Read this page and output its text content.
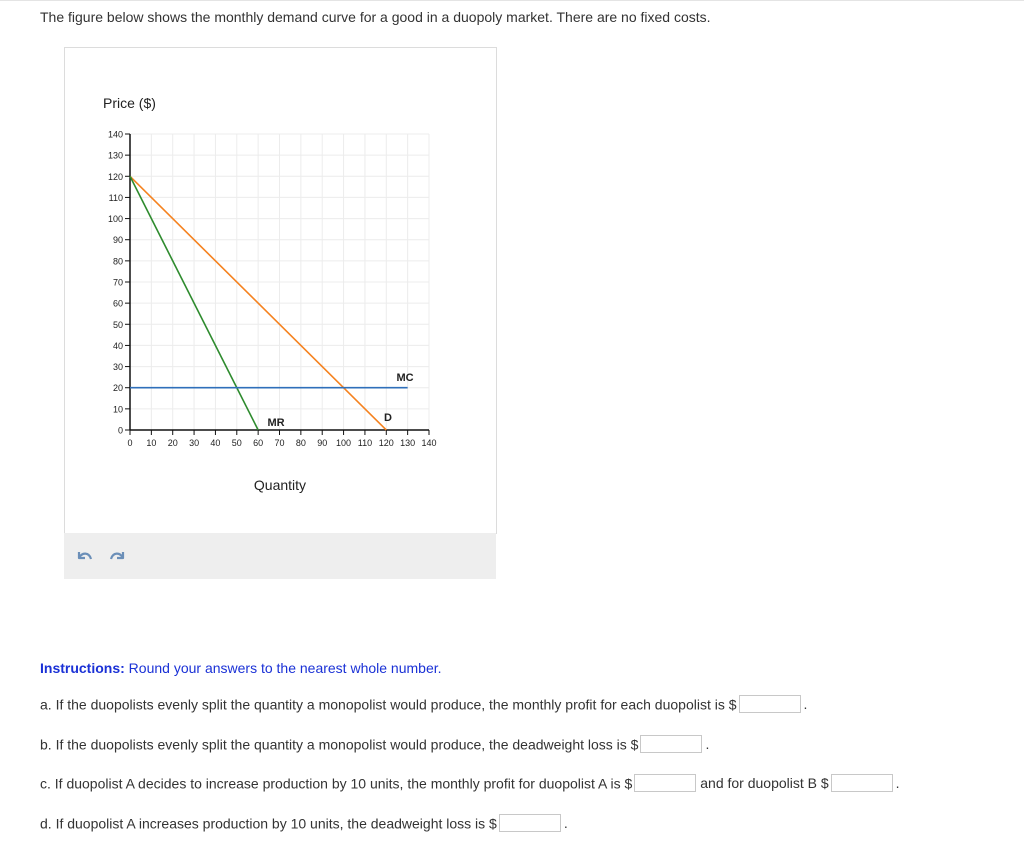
The figure below shows the monthly demand curve for a good in a duopoly market. There are no fixed costs.
0
10
20
30
40
50
60
70
80
90
100
110
120
130
140
0 10 20 30 40 50 60 70 80 90 100 110 120 130 140
Price ($)
Quantity
D
MR
MC
Instructions: Round your answers to the nearest whole number.
a. If the duopolists evenly split the quantity a monopolist would produce, the monthly profit for each duopolist is $	.
b. If the duopolists evenly split the quantity a monopolist would produce, the deadweight loss is $	.
c. If duopolist A decides to increase production by 10 units, the monthly profit for duopolist A is $	and for duopolist B $	.
d. If duopolist A increases production by 10 units, the deadweight loss is $	.
